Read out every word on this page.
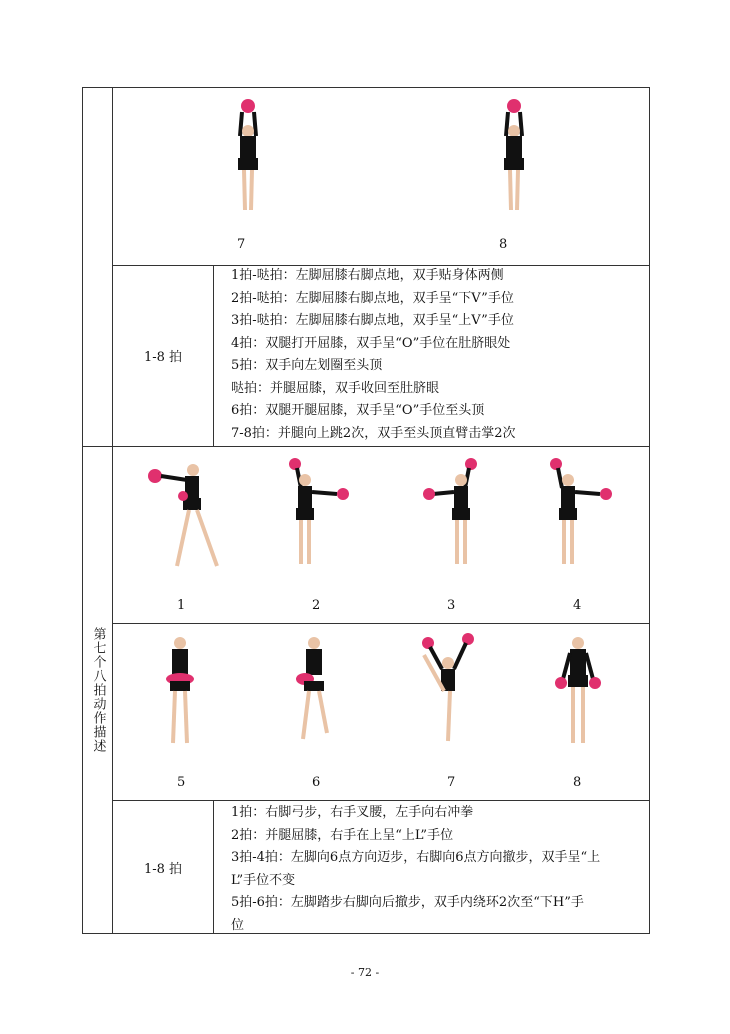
第七个八拍动作描述
7	8
1-8 拍

1拍-哒拍：左脚屈膝右脚点地，双手贴身体两侧

2拍-哒拍：左脚屈膝右脚点地，双手呈“下V”手位

3拍-哒拍：左脚屈膝右脚点地，双手呈“上V”手位

4拍：双腿打开屈膝，双手呈“O”手位在肚脐眼处

5拍：双手向左划圈至头顶

哒拍：并腿屈膝，双手收回至肚脐眼

6拍：双腿开腿屈膝，双手呈“O”手位至头顶

7-8拍：并腿向上跳2次，双手至头顶直臂击掌2次

1	2	3	4
5	6	7	8
1-8 拍

1拍：右脚弓步，右手叉腰，左手向右冲拳

2拍：并腿屈膝，右手在上呈“上L”手位

3拍-4拍：左脚向6点方向迈步，右脚向6点方向撤步，双手呈“上

L”手位不变

5拍-6拍：左脚踏步右脚向后撤步，双手内绕环2次至“下H”手

位

- 72 -
